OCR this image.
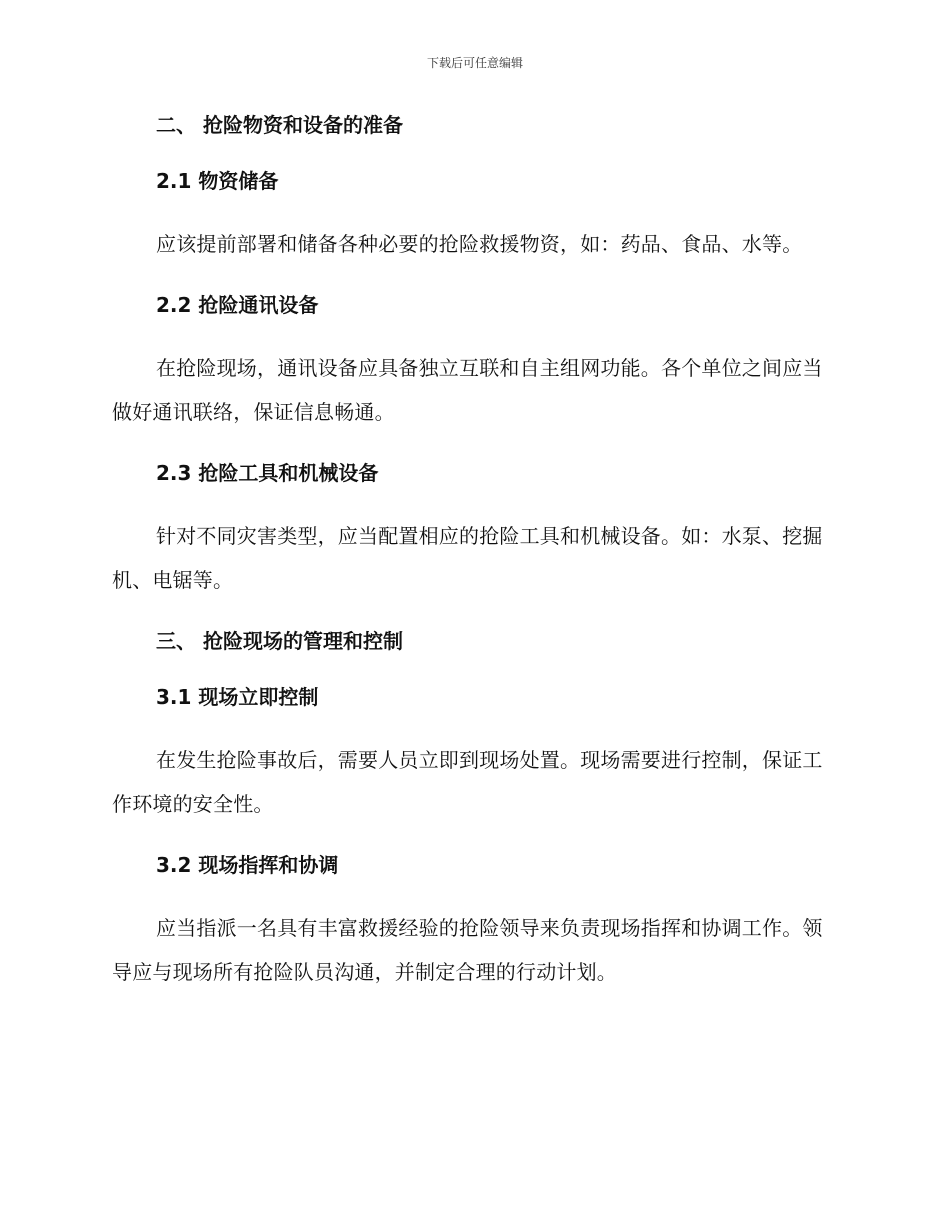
下载后可任意编辑
二、 抢险物资和设备的准备
2.1 物资储备

应该提前部署和储备各种必要的抢险救援物资，如：药品、食品、水等。

2.2 抢险通讯设备

在抢险现场，通讯设备应具备独立互联和自主组网功能。各个单位之间应当做好通讯联络，保证信息畅通。

2.3 抢险工具和机械设备

针对不同灾害类型，应当配置相应的抢险工具和机械设备。如：水泵、挖掘机、电锯等。

三、 抢险现场的管理和控制
3.1 现场立即控制

在发生抢险事故后，需要人员立即到现场处置。现场需要进行控制，保证工作环境的安全性。

3.2 现场指挥和协调

应当指派一名具有丰富救援经验的抢险领导来负责现场指挥和协调工作。领导应与现场所有抢险队员沟通，并制定合理的行动计划。
